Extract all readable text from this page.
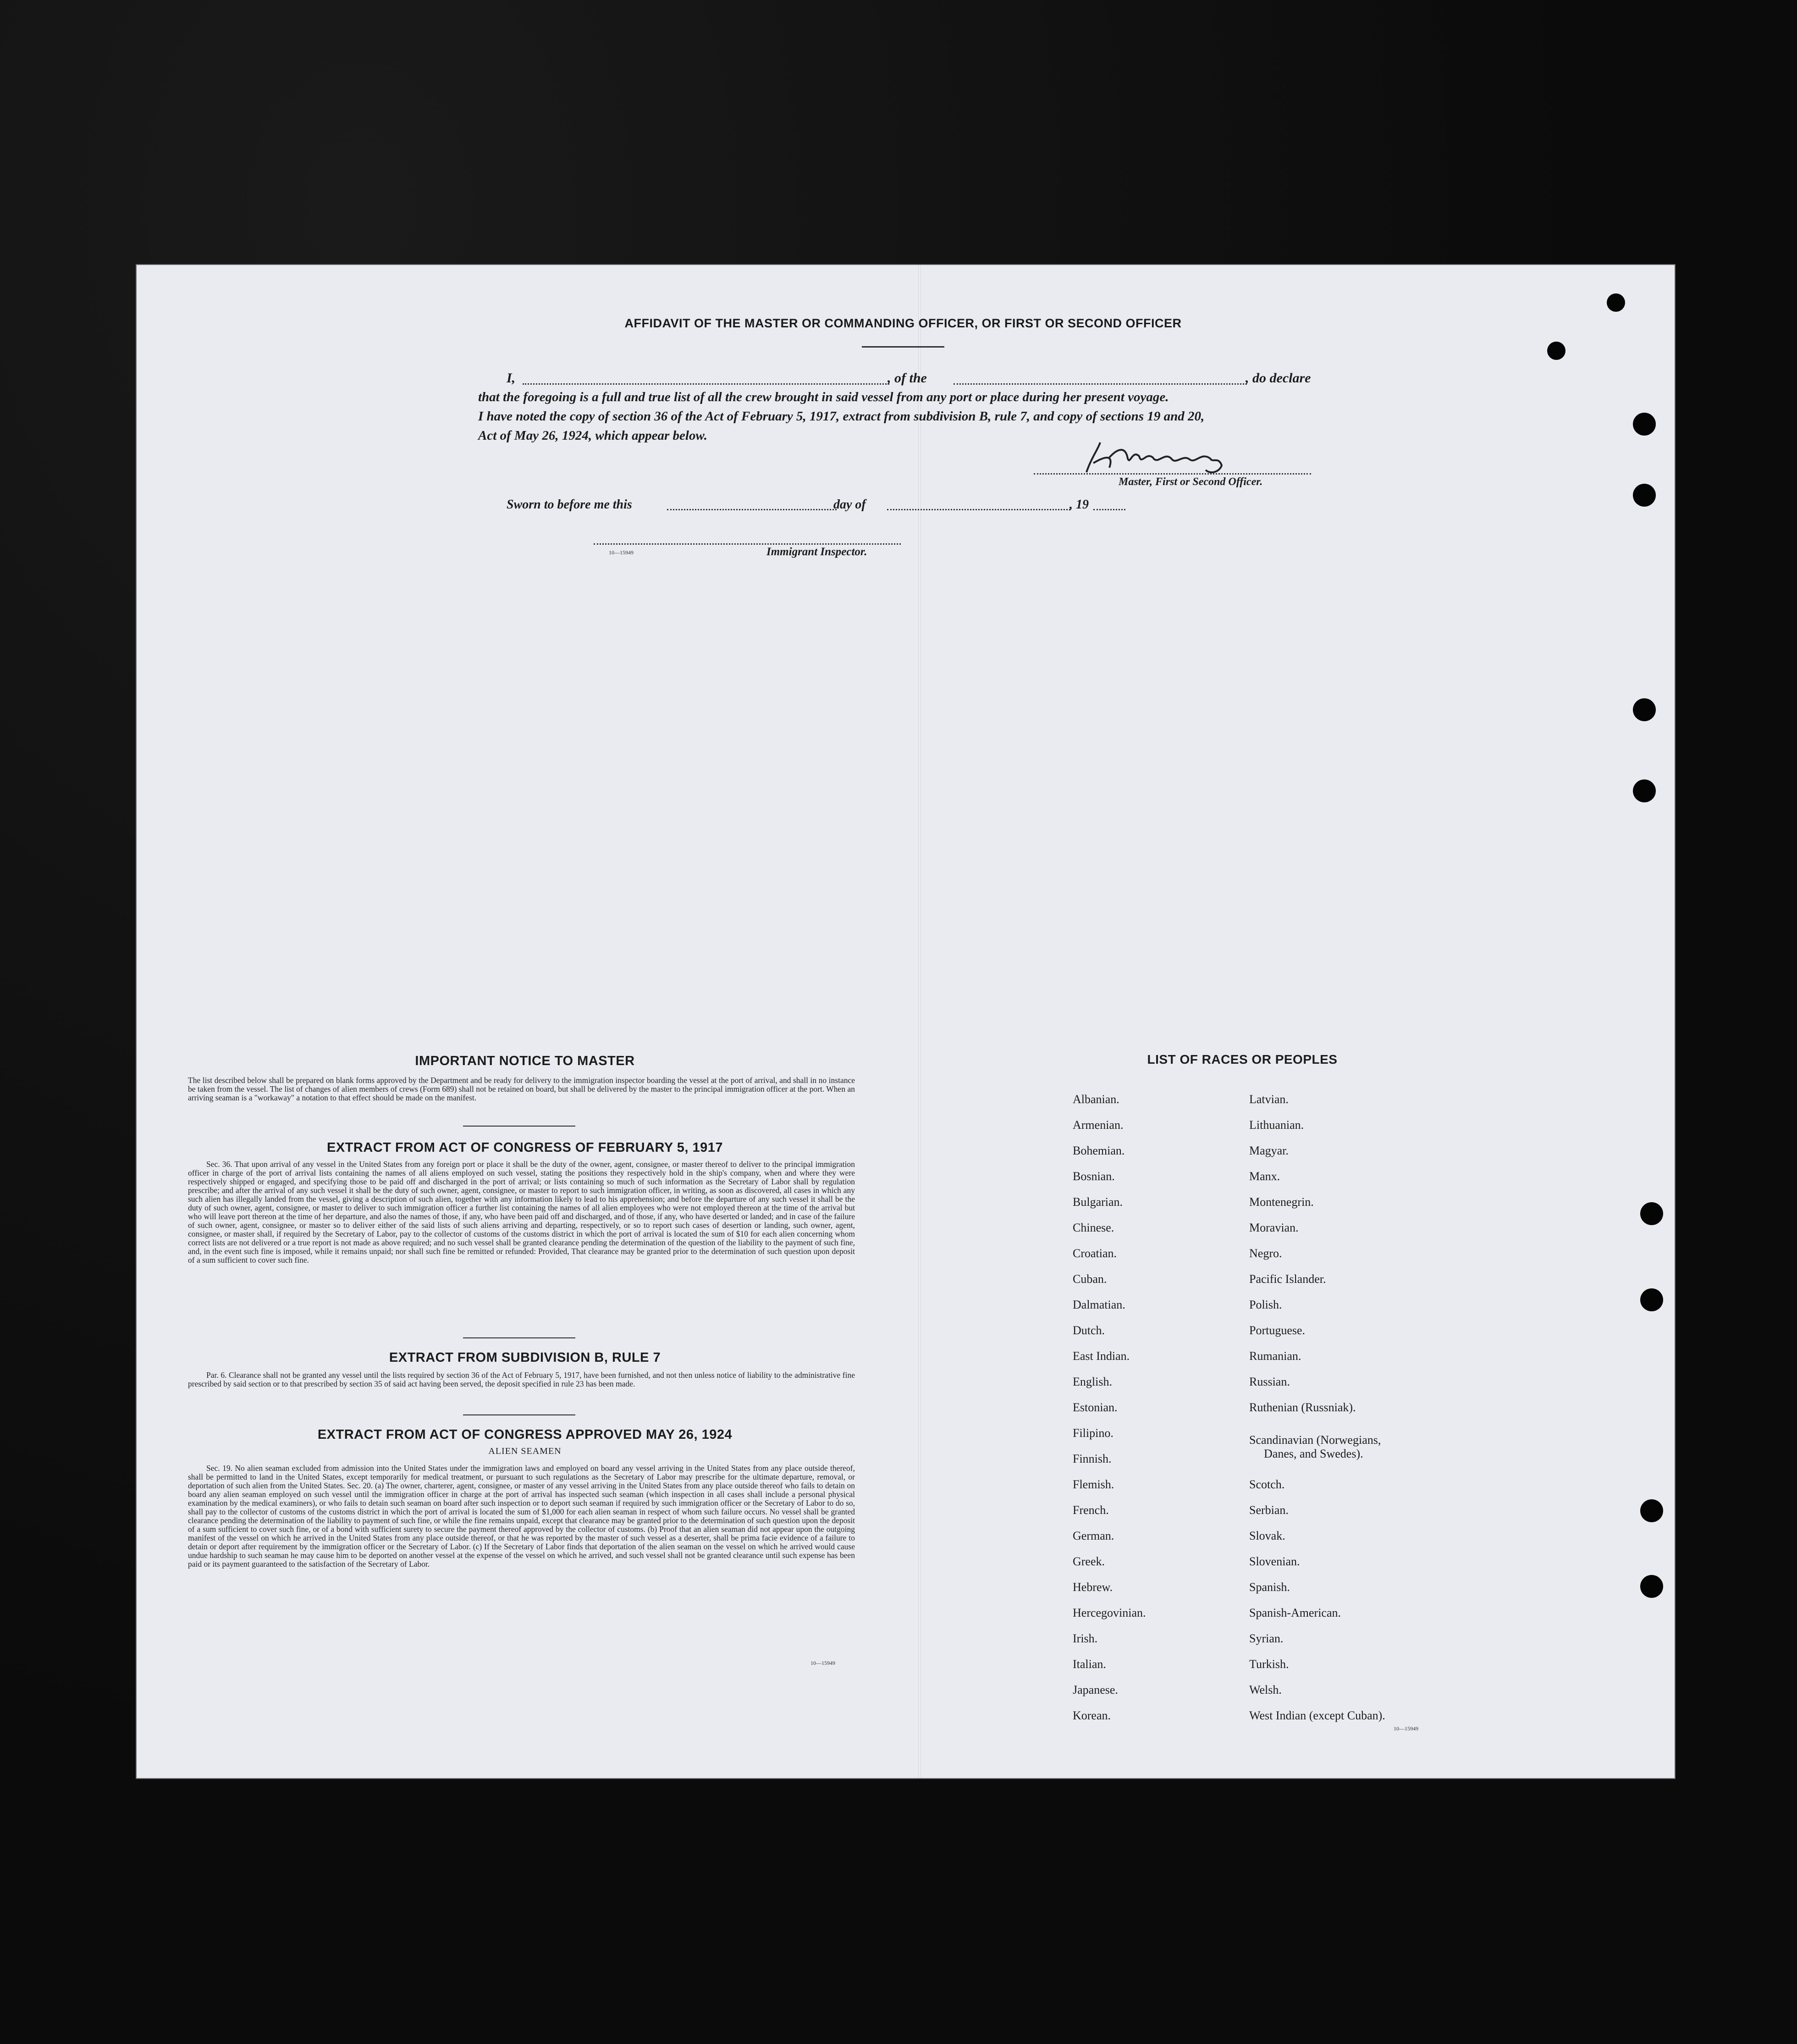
AFFIDAVIT OF THE MASTER OR COMMANDING OFFICER, OR FIRST OR SECOND OFFICER
I,	, of the	, do declare
that the foregoing is a full and true list of all the crew brought in said vessel from any port or place during her present voyage.
I have noted the copy of section 36 of the Act of February 5, 1917, extract from subdivision B, rule 7, and copy of sections 19 and 20,
Act of May 26, 1924, which appear below.
Master, First or Second Officer.
Sworn to before me this	day of	, 19
10—15949	Immigrant Inspector.
IMPORTANT NOTICE TO MASTER

The list described below shall be prepared on blank forms approved by the Department and be ready for delivery to the immigration inspector boarding the vessel at the port of arrival, and shall in no instance be taken from the vessel. The list of changes of alien members of crews (Form 689) shall not be retained on board, but shall be delivered by the master to the principal immigration officer at the port. When an arriving seaman is a "workaway" a notation to that effect should be made on the manifest.

EXTRACT FROM ACT OF CONGRESS OF FEBRUARY 5, 1917

Sec. 36. That upon arrival of any vessel in the United States from any foreign port or place it shall be the duty of the owner, agent, consignee, or master thereof to deliver to the principal immigration officer in charge of the port of arrival lists containing the names of all aliens employed on such vessel, stating the positions they respectively hold in the ship's company, when and where they were respectively shipped or engaged, and specifying those to be paid off and discharged in the port of arrival; or lists containing so much of such information as the Secretary of Labor shall by regulation prescribe; and after the arrival of any such vessel it shall be the duty of such owner, agent, consignee, or master to report to such immigration officer, in writing, as soon as discovered, all cases in which any such alien has illegally landed from the vessel, giving a description of such alien, together with any information likely to lead to his apprehension; and before the departure of any such vessel it shall be the duty of such owner, agent, consignee, or master to deliver to such immigration officer a further list containing the names of all alien employees who were not employed thereon at the time of the arrival but who will leave port thereon at the time of her departure, and also the names of those, if any, who have been paid off and discharged, and of those, if any, who have deserted or landed; and in case of the failure of such owner, agent, consignee, or master so to deliver either of the said lists of such aliens arriving and departing, respectively, or so to report such cases of desertion or landing, such owner, agent, consignee, or master shall, if required by the Secretary of Labor, pay to the collector of customs of the customs district in which the port of arrival is located the sum of $10 for each alien concerning whom correct lists are not delivered or a true report is not made as above required; and no such vessel shall be granted clearance pending the determination of the question of the liability to the payment of such fine, and, in the event such fine is imposed, while it remains unpaid; nor shall such fine be remitted or refunded: Provided, That clearance may be granted prior to the determination of such question upon deposit of a sum sufficient to cover such fine.

EXTRACT FROM SUBDIVISION B, RULE 7

Par. 6. Clearance shall not be granted any vessel until the lists required by section 36 of the Act of February 5, 1917, have been furnished, and not then unless notice of liability to the administrative fine prescribed by said section or to that prescribed by section 35 of said act having been served, the deposit specified in rule 23 has been made.

EXTRACT FROM ACT OF CONGRESS APPROVED MAY 26, 1924
ALIEN SEAMEN

Sec. 19. No alien seaman excluded from admission into the United States under the immigration laws and employed on board any vessel arriving in the United States from any place outside thereof, shall be permitted to land in the United States, except temporarily for medical treatment, or pursuant to such regulations as the Secretary of Labor may prescribe for the ultimate departure, removal, or deportation of such alien from the United States. Sec. 20. (a) The owner, charterer, agent, consignee, or master of any vessel arriving in the United States from any place outside thereof who fails to detain on board any alien seaman employed on such vessel until the immigration officer in charge at the port of arrival has inspected such seaman (which inspection in all cases shall include a personal physical examination by the medical examiners), or who fails to detain such seaman on board after such inspection or to deport such seaman if required by such immigration officer or the Secretary of Labor to do so, shall pay to the collector of customs of the customs district in which the port of arrival is located the sum of $1,000 for each alien seaman in respect of whom such failure occurs. No vessel shall be granted clearance pending the determination of the liability to payment of such fine, or while the fine remains unpaid, except that clearance may be granted prior to the determination of such question upon the deposit of a sum sufficient to cover such fine, or of a bond with sufficient surety to secure the payment thereof approved by the collector of customs. (b) Proof that an alien seaman did not appear upon the outgoing manifest of the vessel on which he arrived in the United States from any place outside thereof, or that he was reported by the master of such vessel as a deserter, shall be prima facie evidence of a failure to detain or deport after requirement by the immigration officer or the Secretary of Labor. (c) If the Secretary of Labor finds that deportation of the alien seaman on the vessel on which he arrived would cause undue hardship to such seaman he may cause him to be deported on another vessel at the expense of the vessel on which he arrived, and such vessel shall not be granted clearance until such expense has been paid or its payment guaranteed to the satisfaction of the Secretary of Labor.

10—15949
LIST OF RACES OR PEOPLES
Albanian.
Armenian.
Bohemian.
Bosnian.
Bulgarian.
Chinese.
Croatian.
Cuban.
Dalmatian.
Dutch.
East Indian.
English.
Estonian.
Filipino.
Finnish.
Flemish.
French.
German.
Greek.
Hebrew.
Hercegovinian.
Irish.
Italian.
Japanese.
Korean.
Latvian.
Lithuanian.
Magyar.
Manx.
Montenegrin.
Moravian.
Negro.
Pacific Islander.
Polish.
Portuguese.
Rumanian.
Russian.
Ruthenian (Russniak).
Scandinavian (Norwegians,
Danes, and Swedes).
Scotch.
Serbian.
Slovak.
Slovenian.
Spanish.
Spanish-American.
Syrian.
Turkish.
Welsh.
West Indian (except Cuban).
10—15949
